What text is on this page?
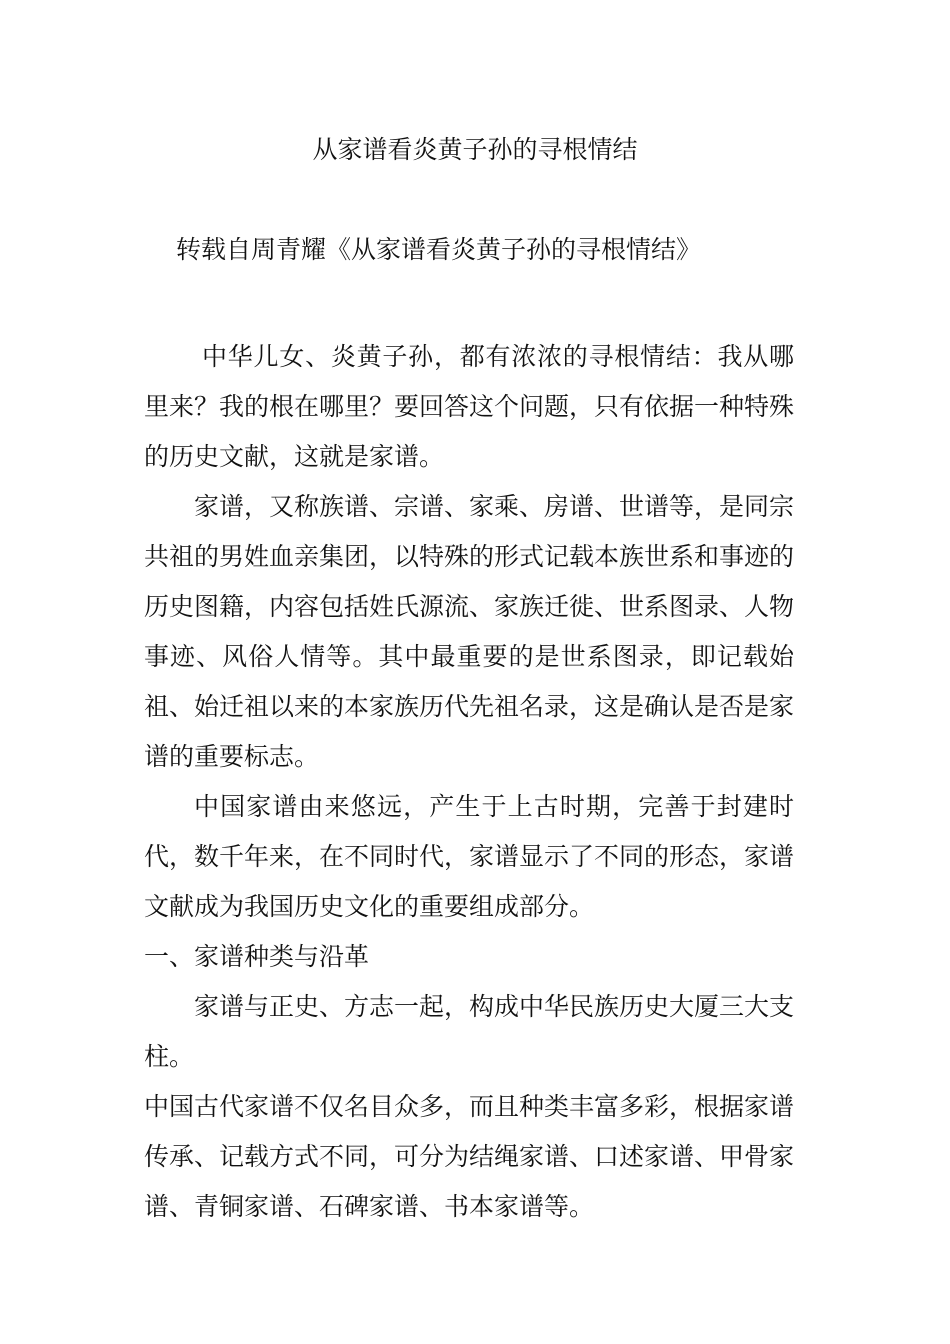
从家谱看炎黄子孙的寻根情结

转载自周青耀《从家谱看炎黄子孙的寻根情结》

中华儿女、炎黄子孙，都有浓浓的寻根情结：我从哪里来？我的根在哪里？要回答这个问题，只有依据一种特殊的历史文献，这就是家谱。

家谱，又称族谱、宗谱、家乘、房谱、世谱等，是同宗共祖的男姓血亲集团，以特殊的形式记载本族世系和事迹的历史图籍，内容包括姓氏源流、家族迁徙、世系图录、人物事迹、风俗人情等。其中最重要的是世系图录，即记载始祖、始迁祖以来的本家族历代先祖名录，这是确认是否是家谱的重要标志。

中国家谱由来悠远，产生于上古时期，完善于封建时代，数千年来，在不同时代，家谱显示了不同的形态，家谱文献成为我国历史文化的重要组成部分。

一、家谱种类与沿革

家谱与正史、方志一起，构成中华民族历史大厦三大支柱。

中国古代家谱不仅名目众多，而且种类丰富多彩，根据家谱传承、记载方式不同，可分为结绳家谱、口述家谱、甲骨家谱、青铜家谱、石碑家谱、书本家谱等。
